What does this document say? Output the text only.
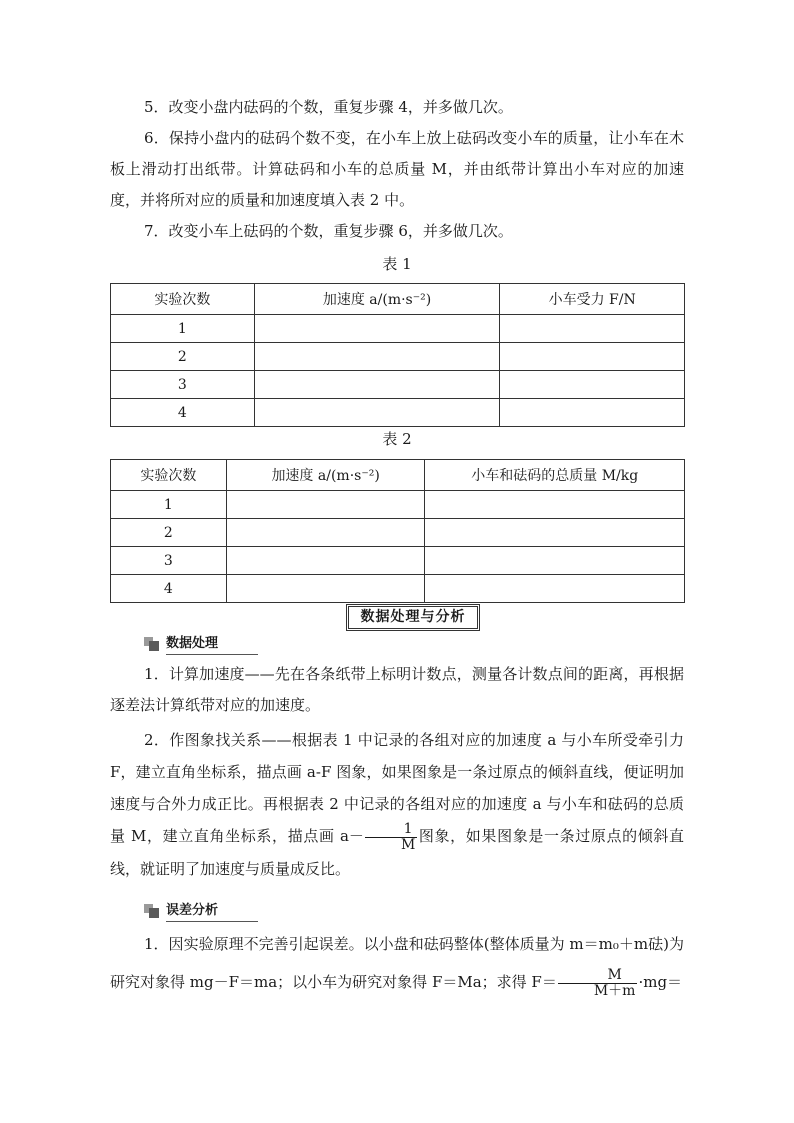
5．改变小盘内砝码的个数，重复步骤 4，并多做几次。

6．保持小盘内的砝码个数不变，在小车上放上砝码改变小车的质量，让小车在木板上滑动打出纸带。计算砝码和小车的总质量 M，并由纸带计算出小车对应的加速度，并将所对应的质量和加速度填入表 2 中。

7．改变小车上砝码的个数，重复步骤 6，并多做几次。

表 1
实验次数	加速度 a/(m·s⁻²)	小车受力 F/N
1		
2		
3		
4		
表 2
实验次数	加速度 a/(m·s⁻²)	小车和砝码的总质量 M/kg
1		
2		
3		
4		
数据处理与分析
数据处理

1．计算加速度——先在各条纸带上标明计数点，测量各计数点间的距离，再根据逐差法计算纸带对应的加速度。

2．作图象找关系——根据表 1 中记录的各组对应的加速度 a 与小车所受牵引力 F，建立直角坐标系，描点画 a-F 图象，如果图象是一条过原点的倾斜直线，便证明加速度与合外力成正比。再根据表 2 中记录的各组对应的加速度 a 与小车和砝码的总质量 M，建立直角坐标系，描点画 $a- \frac{1}{M}$ 图象，如果图象是一条过原点的倾斜直线，就证明了加速度与质量成反比。

误差分析

1．因实验原理不完善引起误差。以小盘和砝码整体(整体质量为 m＝m₀＋m砝)为研究对象得 mg－F＝ma；以小车为研究对象得 F＝Ma；求得 $F= \frac{M}{M+m} \cdot mg=$
